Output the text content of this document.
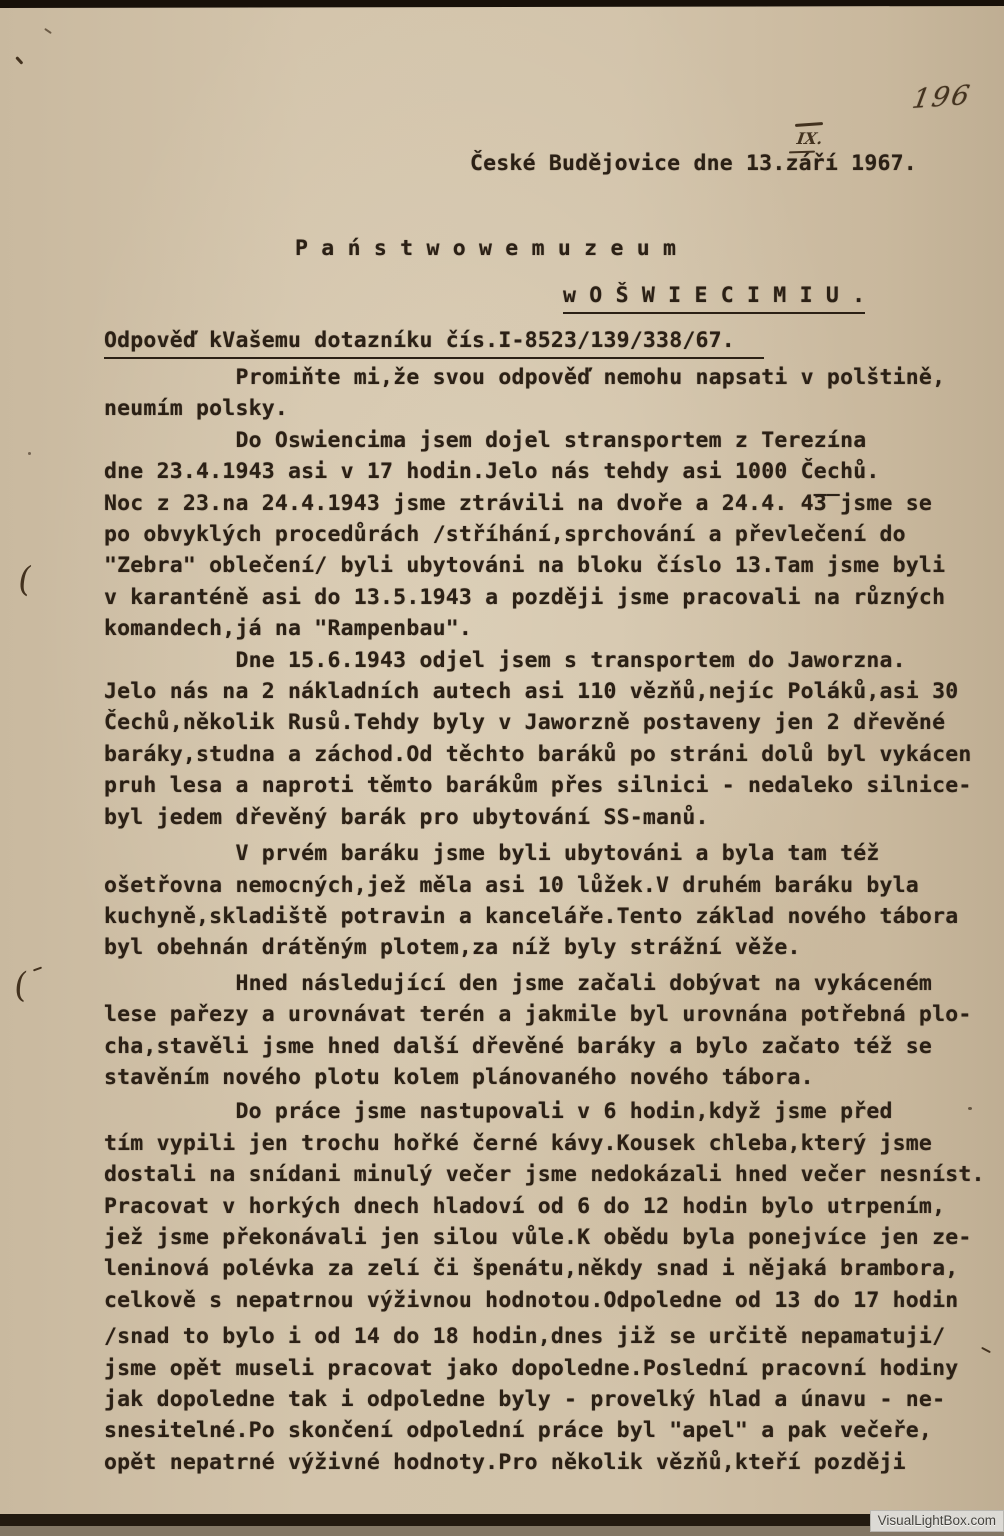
196
IX.
České Budějovice dne 13.září 1967.
P a ń s t w o w e m u z e u m
w O Š W I E C I M I U .
Odpověď kVašemu dotazníku čís.I-8523/139/338/67.
(
(
Promiňte mi,že svou odpověď nemohu napsati v polštině,
neumím polsky.
Do Oswiencima jsem dojel stransportem z Terezína
dne 23.4.1943 asi v 17 hodin.Jelo nás tehdy asi 1000 Čechů.
Noc z 23.na 24.4.1943 jsme ztrávili na dvoře a 24.4. 4̅3̅ jsme se
po obvyklých procedůrách /stříhání,sprchování a převlečení do
"Zebra" oblečení/ byli ubytováni na bloku číslo 13.Tam jsme byli
v karanténě asi do 13.5.1943 a později jsme pracovali na různých
komandech,já na "Rampenbau".
Dne 15.6.1943 odjel jsem s transportem do Jaworzna.
Jelo nás na 2 nákladních autech asi 110 vězňů,nejíc Poláků,asi 30
Čechů,několik Rusů.Tehdy byly v Jaworzně postaveny jen 2 dřevěné
baráky,studna a záchod.Od těchto baráků po stráni dolů byl vykácen
pruh lesa a naproti těmto barákům přes silnici - nedaleko silnice-
byl jedem dřevěný barák pro ubytování SS-manů.
V prvém baráku jsme byli ubytováni a byla tam též
ošetřovna nemocných,jež měla asi 10 lůžek.V druhém baráku byla
kuchyně,skladiště potravin a kanceláře.Tento základ nového tábora
byl obehnán drátěným plotem,za níž byly strážní věže.
Hned následující den jsme začali dobývat na vykáceném
lese pařezy a urovnávat terén a jakmile byl urovnána potřebná plo-
cha,stavěli jsme hned další dřevěné baráky a bylo začato též se
stavěním nového plotu kolem plánovaného nového tábora.
Do práce jsme nastupovali v 6 hodin,když jsme před
tím vypili jen trochu hořké černé kávy.Kousek chleba,který jsme
dostali na snídani minulý večer jsme nedokázali hned večer nesníst.
Pracovat v horkých dnech hladoví od 6 do 12 hodin bylo utrpením,
jež jsme překonávali jen silou vůle.K obědu byla ponejvíce jen ze-
leninová polévka za zelí či špenátu,někdy snad i nějaká brambora,
celkově s nepatrnou výživnou hodnotou.Odpoledne od 13 do 17 hodin
/snad to bylo i od 14 do 18 hodin,dnes již se určitě nepamatuji/
jsme opět museli pracovat jako dopoledne.Poslední pracovní hodiny
jak dopoledne tak i odpoledne byly - provelký hlad a únavu - ne-
snesitelné.Po skončení odpolední práce byl "apel" a pak večeře,
opět nepatrné výživné hodnoty.Pro několik vězňů,kteří později
VisualLightBox.com
